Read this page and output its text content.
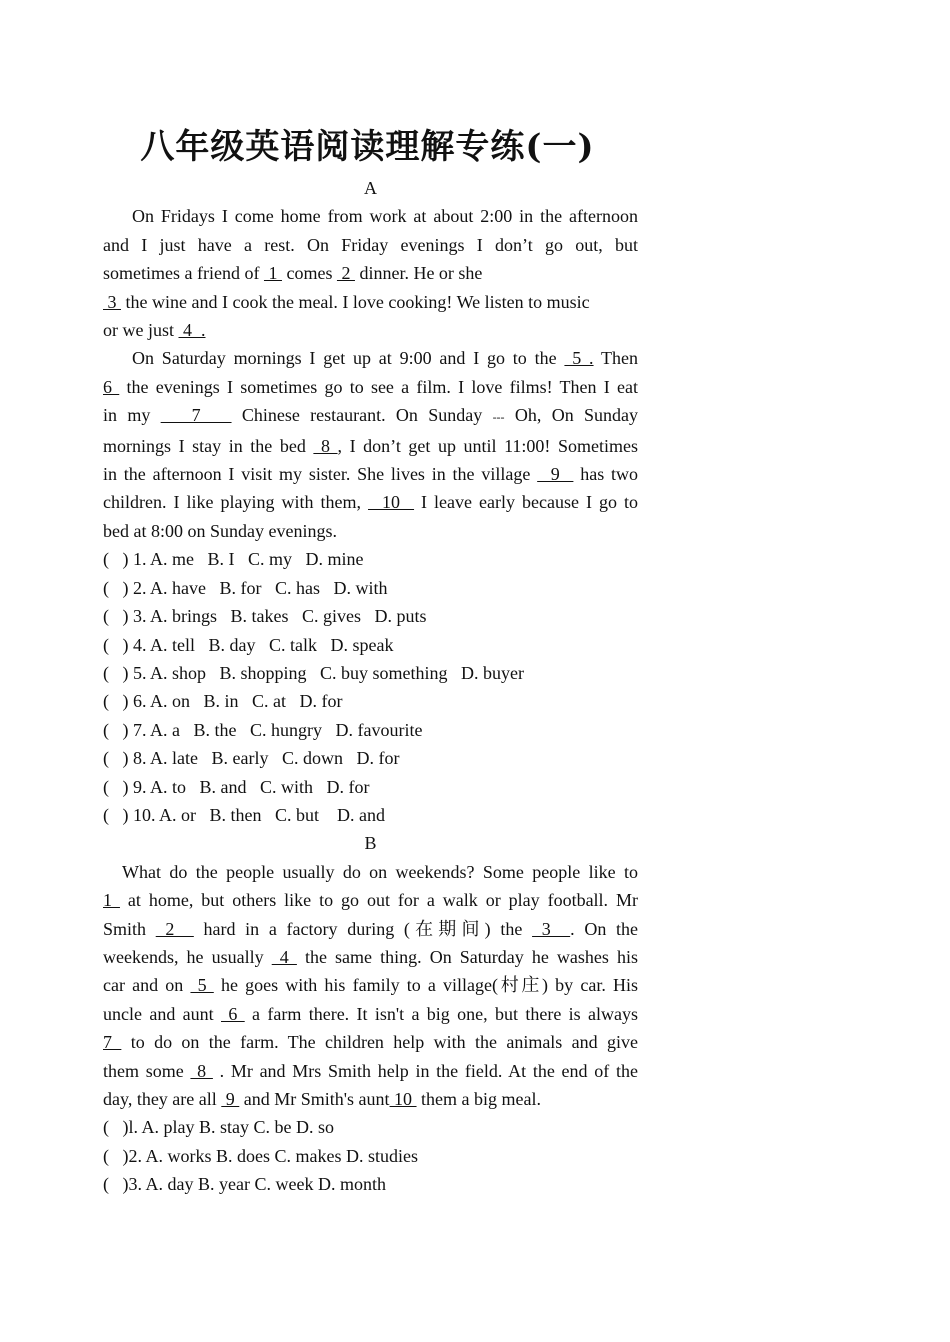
八年级英语阅读理解专练(一)
A
On Fridays I come home from work at about 2:00 in the afternoon
and I just have a rest. On Friday evenings I don’t go out, but
sometimes a friend of  1  comes  2  dinner. He or she
3  the wine and I cook the meal. I love cooking! We listen to music
or we just  4  .
On Saturday mornings I get up at 9:00 and I go to the  5 . Then
6  the evenings I sometimes go to see a film. I love films! Then I eat
in my    7    Chinese restaurant. On Sunday --- Oh, On Sunday
mornings I stay in the bed  8 , I don’t get up until 11:00! Sometimes
in the afternoon I visit my sister. She lives in the village   9   has two
children. I like playing with them,   10   I leave early because I go to
bed at 8:00 on Sunday evenings.
(   ) 1. A. me   B. I   C. my   D. mine
(   ) 2. A. have   B. for   C. has   D. with
(   ) 3. A. brings   B. takes   C. gives   D. puts
(   ) 4. A. tell   B. day   C. talk   D. speak
(   ) 5. A. shop   B. shopping   C. buy something   D. buyer
(   ) 6. A. on   B. in   C. at   D. for
(   ) 7. A. a   B. the   C. hungry   D. favourite
(   ) 8. A. late   B. early   C. down   D. for
(   ) 9. A. to   B. and   C. with   D. for
(   ) 10. A. or   B. then   C. but    D. and
B
What do the people usually do on weekends? Some people like to
1  at home, but others like to go out for a walk or play football. Mr
Smith  2   hard in a factory during (在期间) the  3  . On the
weekends, he usually  4  the same thing. On Saturday he washes his
car and on  5  he goes with his family to a village(村庄) by car. His
uncle and aunt  6  a farm there. It isn't a big one, but there is always
7  to do on the farm. The children help with the animals and give
them some  8  . Mr and Mrs Smith help in the field. At the end of the
day, they are all  9  and Mr Smith's aunt 10  them a big meal.
(   )l. A. play B. stay C. be D. so
(   )2. A. works B. does C. makes D. studies
(   )3. A. day B. year C. week D. month
